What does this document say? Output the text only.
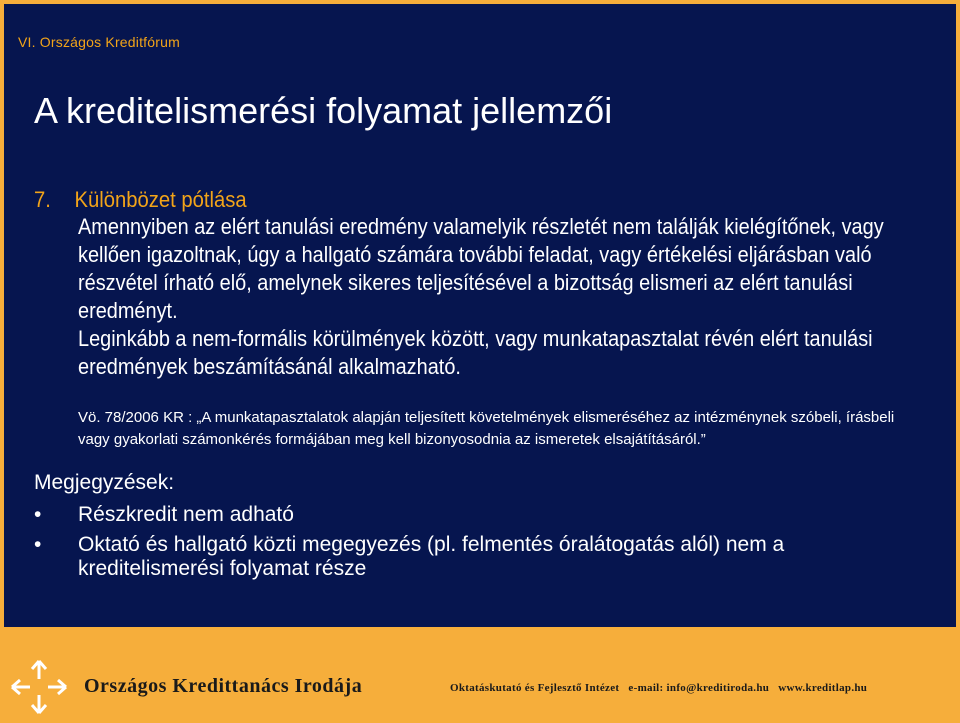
VI. Országos Kreditfórum
A kreditelismerési folyamat jellemzői
7. Különbözet pótlása
Amennyiben az elért tanulási eredmény valamelyik részletét nem találják kielégítőnek, vagy kellően igazoltnak, úgy a hallgató számára további feladat, vagy értékelési eljárásban való részvétel írható elő, amelynek sikeres teljesítésével a bizottság elismeri az elért tanulási eredményt.
Leginkább a nem-formális körülmények között, vagy munkatapasztalat révén elért tanulási eredmények beszámításánál alkalmazható.
Vö. 78/2006 KR : „A munkatapasztalatok alapján teljesített követelmények elismeréséhez az intézménynek szóbeli, írásbeli vagy gyakorlati számonkérés formájában meg kell bizonyosodnia az ismeretek elsajátításáról.”
Megjegyzések:
• Részkredit nem adható
• Oktató és hallgató közti megegyezés (pl. felmentés óralátogatás alól) nem a kreditelismerési folyamat része
Országos Kredittanács Irodája	Oktatáskutató és Fejlesztő Intézet e-mail: info@kreditiroda.hu www.kreditlap.hu
